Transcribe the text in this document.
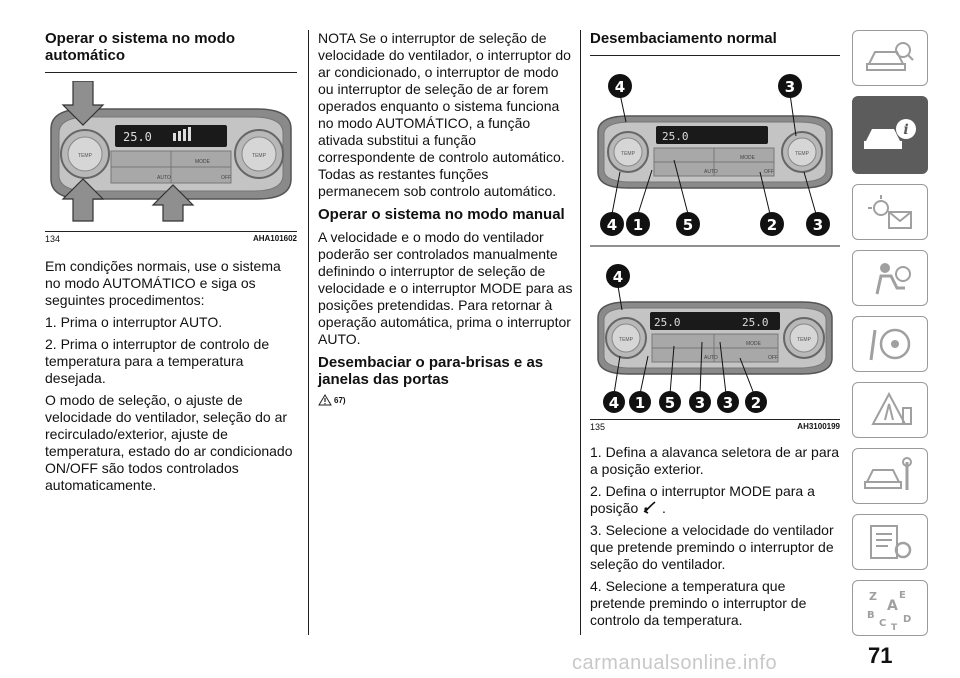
Operar o sistema no modo automático
TEMP	TEMP
25.0
MODE
AUTO	OFF
134	AHA101602

Em condições normais, use o sistema no modo AUTOMÁTICO e siga os seguintes procedimentos:

1. Prima o interruptor AUTO.

2. Prima o interruptor de controlo de temperatura para a temperatura desejada.

O modo de seleção, o ajuste de velocidade do ventilador, seleção do ar recirculado/exterior, ajuste de temperatura, estado do ar condicionado ON/OFF são todos controlados automaticamente.

NOTA Se o interruptor de seleção de velocidade do ventilador, o interruptor do ar condicionado, o interruptor de modo ou interruptor de seleção de ar forem operados enquanto o sistema funciona no modo AUTOMÁTICO, a função ativada substitui a função correspondente de controlo automático. Todas as restantes funções permanecem sob controlo automático.

Operar o sistema no modo manual

A velocidade e o modo do ventilador poderão ser controlados manualmente definindo o interruptor de seleção de velocidade e o interruptor MODE para as posições pretendidas. Para retornar à operação automática, prima o interruptor AUTO.

Desembaciar o para-brisas e as janelas das portas
67)
Desembaciamento normal
TEMP	TEMP
25.0
MODE
AUTO	OFF
4	3
4 1	5	2 3
TEMP	TEMP
25.0	25.0
MODE
AUTO	OFF
4
4 1 5 3 3 2
135	AH3100199

1. Defina a alavanca seletora de ar para a posição exterior.

2. Defina o interruptor MODE para a posição .

3. Selecione a velocidade do ventilador que pretende premindo o interruptor de seleção do ventilador.

4. Selecione a temperatura que pretende premindo o interruptor de controlo da temperatura.

i
Z E
A
B
C D
T
carmanualsonline.info	71
